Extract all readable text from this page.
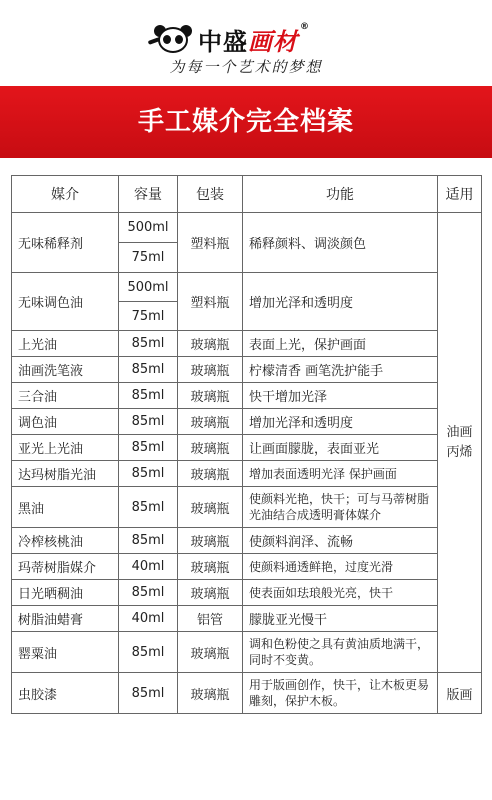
中盛画材®
为每一个艺术的梦想
手工媒介完全档案
媒介	容量	包装	功能	适用
无味稀释剂	500ml	塑料瓶	稀释颜料、调淡颜色	油画丙烯
	75ml			
无味调色油	500ml	塑料瓶	增加光泽和透明度	
	75ml			
上光油	85ml	玻璃瓶	表面上光，保护画面	

油画洗笔液	85ml	玻璃瓶	柠檬清香 画笔洗护能手	

三合油	85ml	玻璃瓶	快干增加光泽	

调色油	85ml	玻璃瓶	增加光泽和透明度	

亚光上光油	85ml	玻璃瓶	让画面朦胧，表面亚光	

达玛树脂光油	85ml	玻璃瓶	增加表面透明光泽 保护画面	

黑油	85ml	玻璃瓶	使颜料光艳，快干；可与马蒂树脂光油结合成透明膏体媒介	

冷榨核桃油	85ml	玻璃瓶	使颜料润泽、流畅	

玛蒂树脂媒介	40ml	玻璃瓶	使颜料通透鲜艳，过度光滑	

日光晒稠油	85ml	玻璃瓶	使表面如珐琅般光亮，快干	

树脂油蜡膏	40ml	铝管	朦胧亚光慢干	

罂粟油	85ml	玻璃瓶	调和色粉使之具有黄油质地满干，同时不变黄。	

虫胶漆	85ml	玻璃瓶	用于版画创作，快干，让木板更易雕刻，保护木板。	版画
